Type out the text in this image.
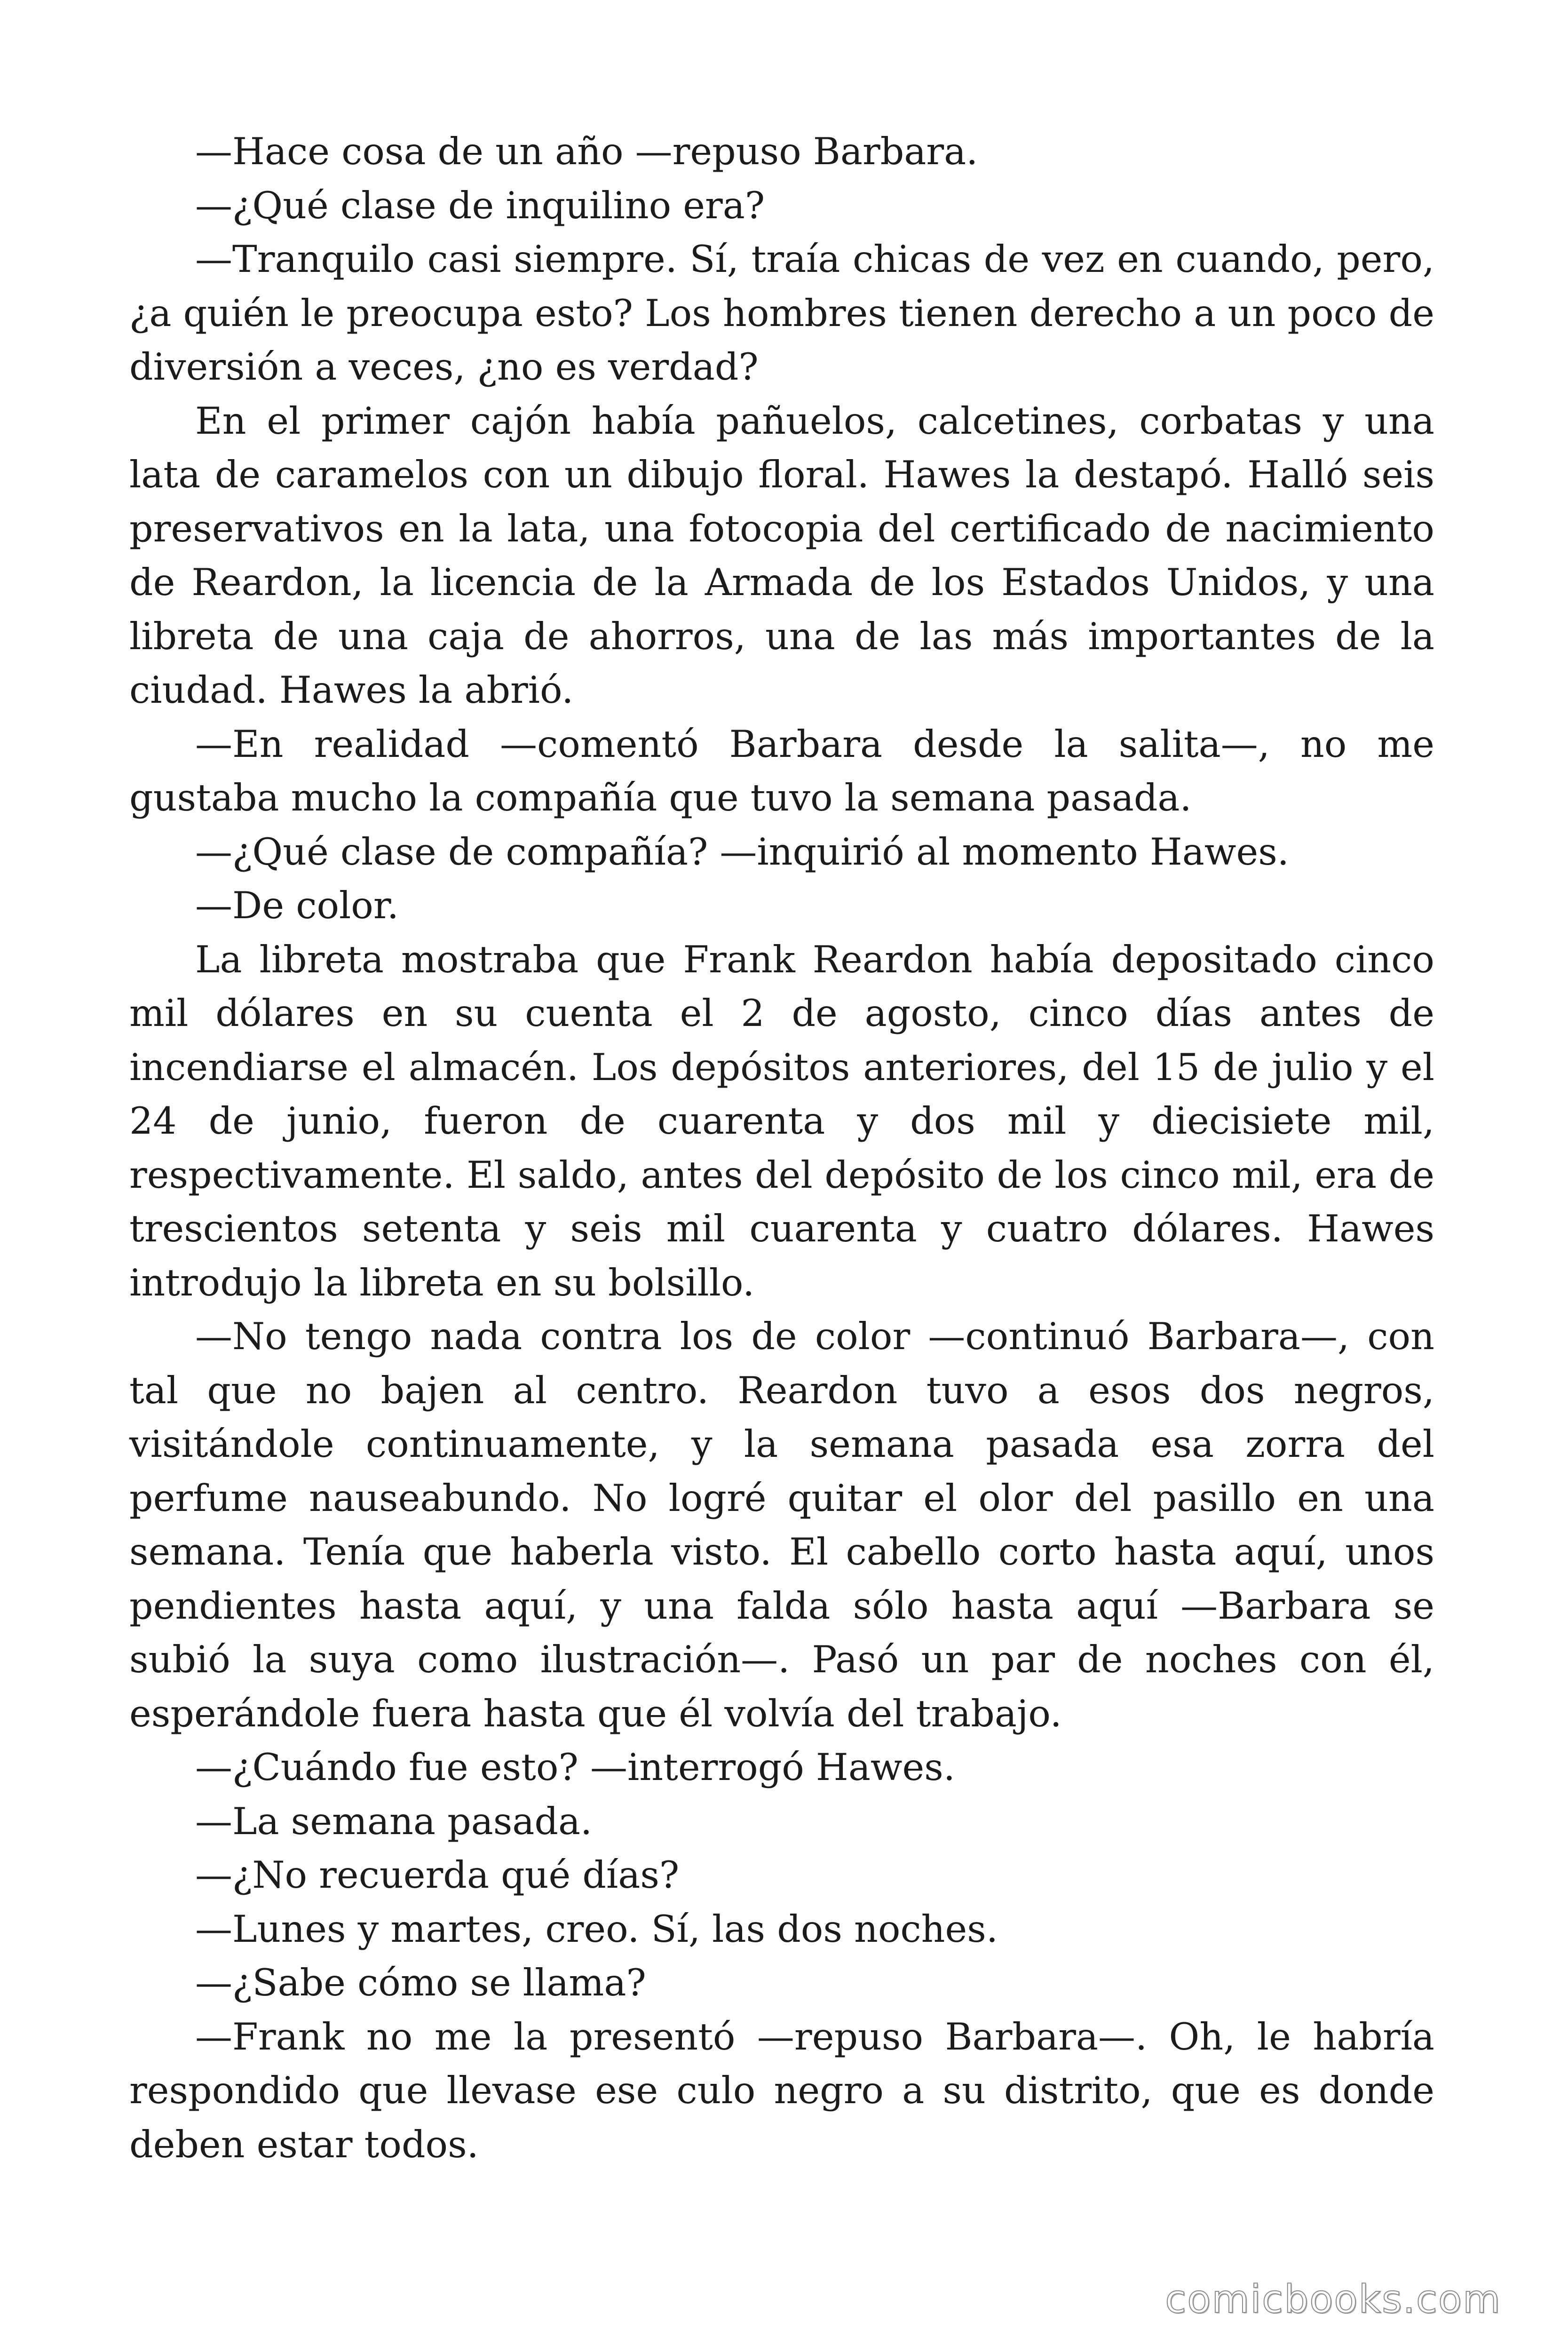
—Hace cosa de un año —repuso Barbara.

—¿Qué clase de inquilino era?

—Tranquilo casi siempre. Sí, traía chicas de vez en cuando, pero, ¿a quién le preocupa esto? Los hombres tienen derecho a un poco de diversión a veces, ¿no es verdad?

En el primer cajón había pañuelos, calcetines, corbatas y una lata de caramelos con un dibujo floral. Hawes la destapó. Halló seis preservativos en la lata, una fotocopia del certificado de nacimiento de Reardon, la licencia de la Armada de los Estados Unidos, y una libreta de una caja de ahorros, una de las más importantes de la ciudad. Hawes la abrió.

—En realidad —comentó Barbara desde la salita—, no me gustaba mucho la compañía que tuvo la semana pasada.

—¿Qué clase de compañía? —inquirió al momento Hawes.

—De color.

La libreta mostraba que Frank Reardon había depositado cinco mil dólares en su cuenta el 2 de agosto, cinco días antes de incendiarse el almacén. Los depósitos anteriores, del 15 de julio y el 24 de junio, fueron de cuarenta y dos mil y diecisiete mil, respectivamente. El saldo, antes del depósito de los cinco mil, era de trescientos setenta y seis mil cuarenta y cuatro dólares. Hawes introdujo la libreta en su bolsillo.

—No tengo nada contra los de color —continuó Barbara—, con tal que no bajen al centro. Reardon tuvo a esos dos negros, visitándole continuamente, y la semana pasada esa zorra del perfume nauseabundo. No logré quitar el olor del pasillo en una semana. Tenía que haberla visto. El cabello corto hasta aquí, unos pendientes hasta aquí, y una falda sólo hasta aquí —Barbara se subió la suya como ilustración—. Pasó un par de noches con él, esperándole fuera hasta que él volvía del trabajo.

—¿Cuándo fue esto? —interrogó Hawes.

—La semana pasada.

—¿No recuerda qué días?

—Lunes y martes, creo. Sí, las dos noches.

—¿Sabe cómo se llama?

—Frank no me la presentó —repuso Barbara—. Oh, le habría respondido que llevase ese culo negro a su distrito, que es donde deben estar todos.

comicbooks.com
